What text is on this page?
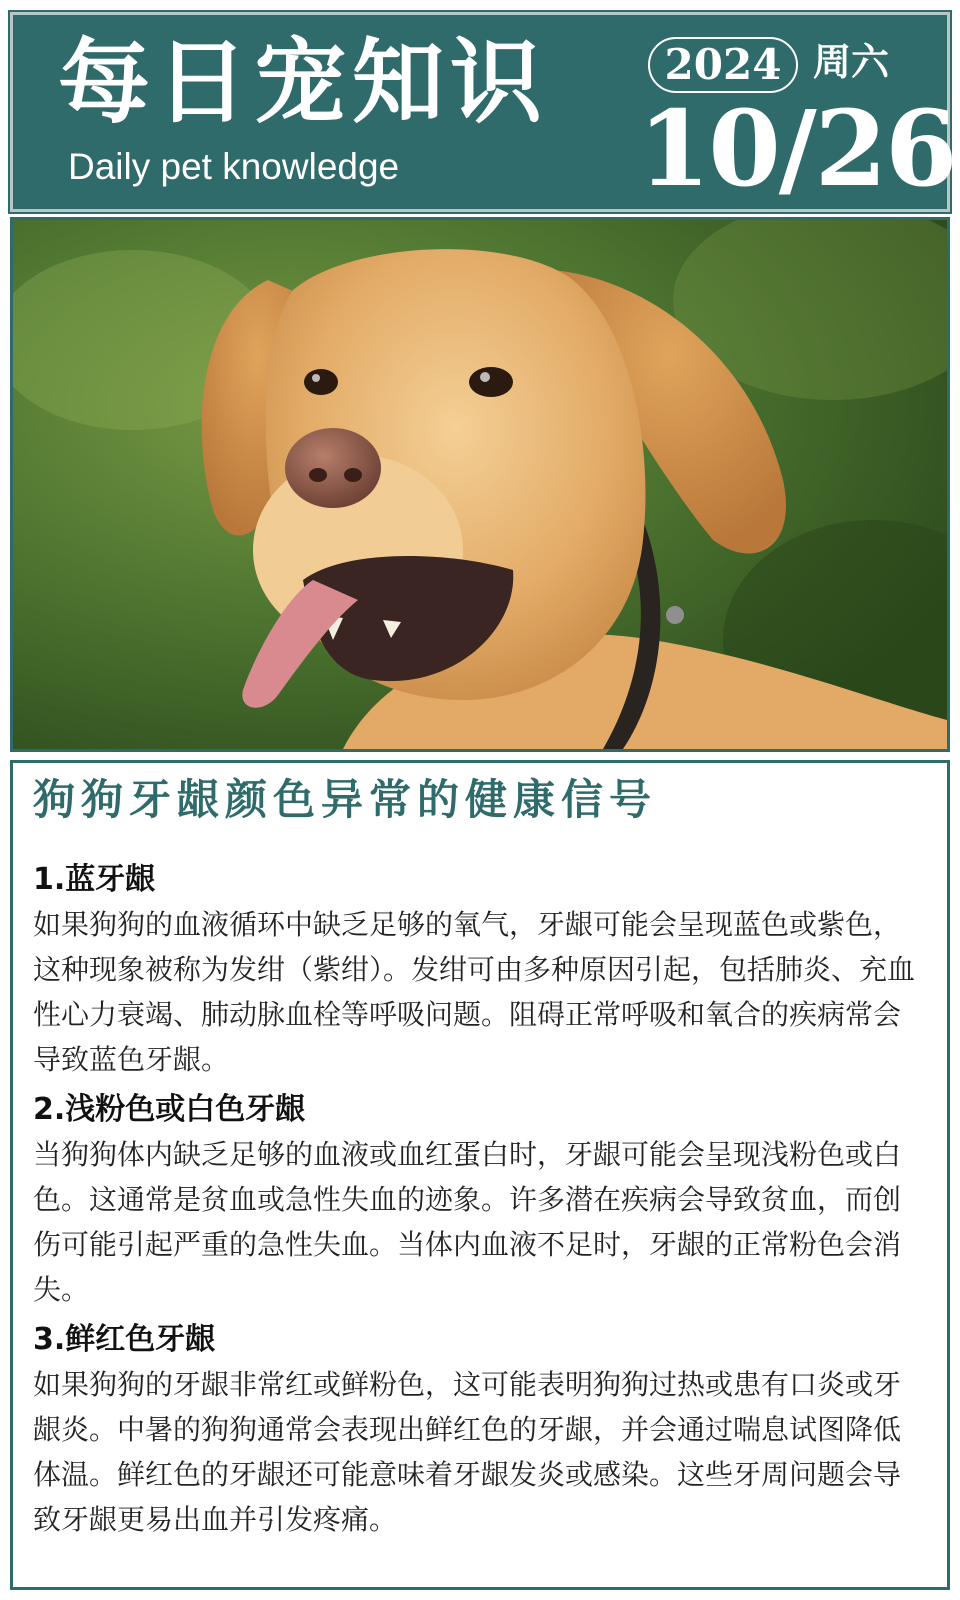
每日宠知识
Daily pet knowledge
2024 周六
10/26
狗狗牙龈颜色异常的健康信号

1.蓝牙龈

如果狗狗的血液循环中缺乏足够的氧气，牙龈可能会呈现蓝色或紫色，这种现象被称为发绀（紫绀）。发绀可由多种原因引起，包括肺炎、充血性心力衰竭、肺动脉血栓等呼吸问题。阻碍正常呼吸和氧合的疾病常会导致蓝色牙龈。

2.浅粉色或白色牙龈

当狗狗体内缺乏足够的血液或血红蛋白时，牙龈可能会呈现浅粉色或白色。这通常是贫血或急性失血的迹象。许多潜在疾病会导致贫血，而创伤可能引起严重的急性失血。当体内血液不足时，牙龈的正常粉色会消失。

3.鲜红色牙龈

如果狗狗的牙龈非常红或鲜粉色，这可能表明狗狗过热或患有口炎或牙龈炎。中暑的狗狗通常会表现出鲜红色的牙龈，并会通过喘息试图降低体温。鲜红色的牙龈还可能意味着牙龈发炎或感染。这些牙周问题会导致牙龈更易出血并引发疼痛。
